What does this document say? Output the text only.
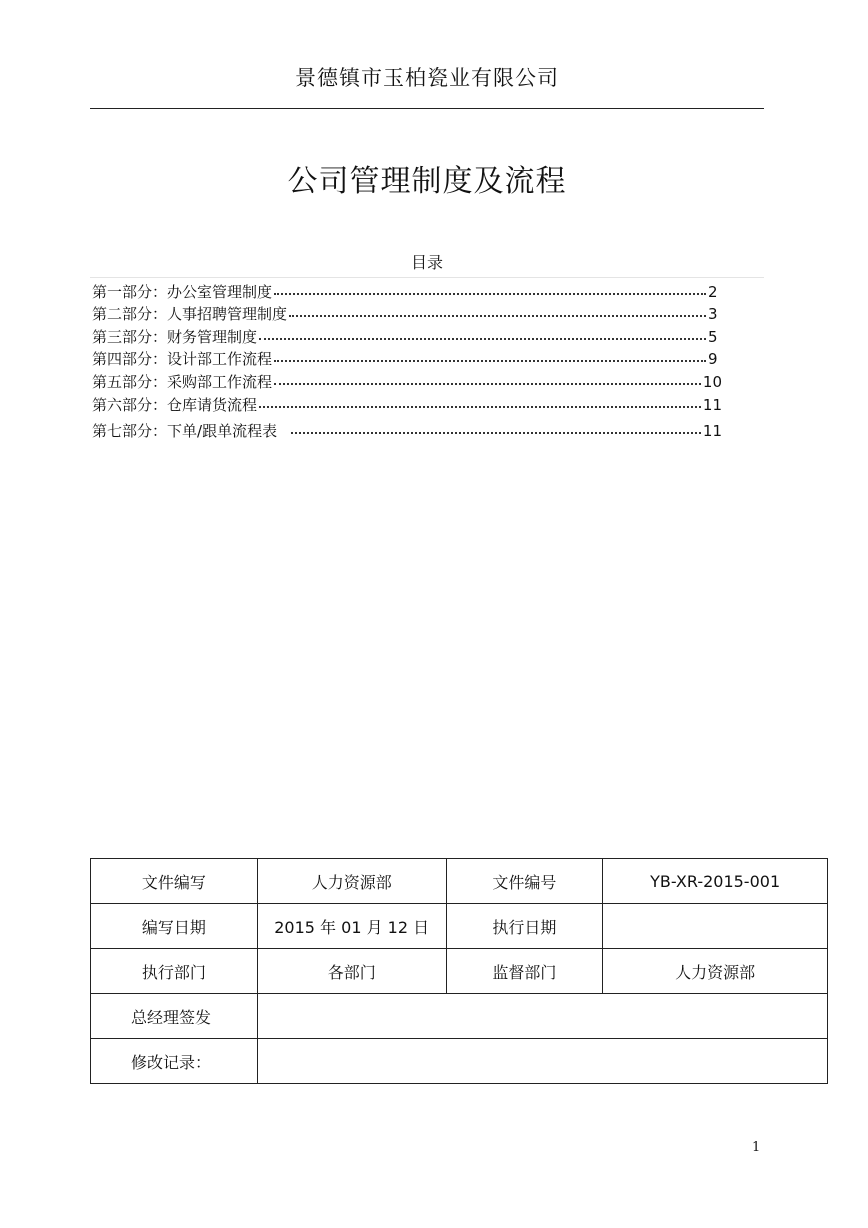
景德镇市玉柏瓷业有限公司
公司管理制度及流程
目录
第一部分： 办公室管理制度	2
第二部分： 人事招聘管理制度	3
第三部分： 财务管理制度	5
第四部分： 设计部工作流程	9
第五部分： 采购部工作流程	10
第六部分： 仓库请货流程	11
第七部分： 下单/跟单流程表	11
文件编写	人力资源部	文件编号	YB-XR-2015-001
编写日期	2015 年 01 月 12 日	执行日期	
执行部门	各部门	监督部门	人力资源部
总经理签发			
修改记录：			
1
